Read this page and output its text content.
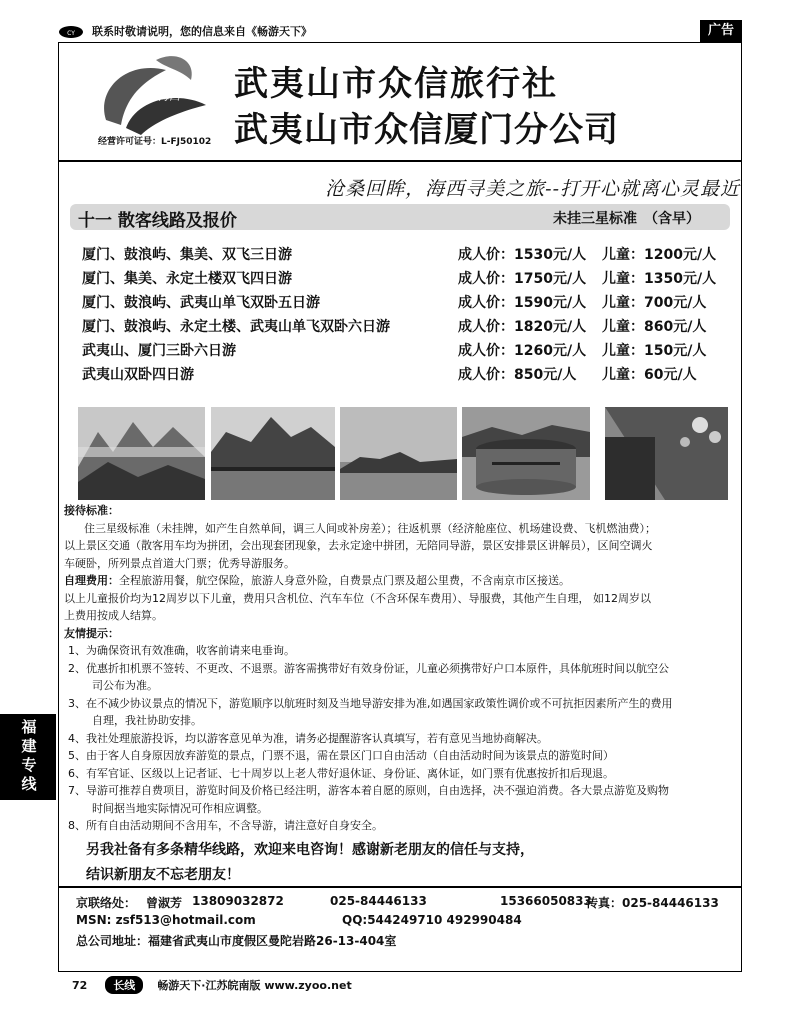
CY 联系时敬请说明，您的信息来自《畅游天下》	广告
印象海西
经营许可证号：L-FJ50102
武夷山市众信旅行社
武夷山市众信厦门分公司
沧桑回眸，海西寻美之旅--打开心就离心灵最近
十一 散客线路及报价	未挂三星标准　（含早）
厦门、鼓浪屿、集美、双飞三日游	成人价：1530元/人 儿童：1200元/人
厦门、集美、永定土楼双飞四日游	成人价：1750元/人 儿童：1350元/人
厦门、鼓浪屿、武夷山单飞双卧五日游	成人价：1590元/人 儿童：700元/人
厦门、鼓浪屿、永定土楼、武夷山单飞双卧六日游	成人价：1820元/人 儿童：860元/人
武夷山、厦门三卧六日游	成人价：1260元/人 儿童：150元/人
武夷山双卧四日游	成人价：850元/人 儿童：60元/人

接待标准：

住三星级标准（未挂牌，如产生自然单间，调三人间或补房差）；往返机票（经济舱座位、机场建设费、飞机燃油费）；

以上景区交通（散客用车均为拼团，会出现套团现象，去永定途中拼团，无陪同导游，景区安排景区讲解员），区间空调火

车硬卧，所列景点首道大门票；优秀导游服务。

自理费用：全程旅游用餐，航空保险，旅游人身意外险，自费景点门票及超公里费，不含南京市区接送。

以上儿童报价均为12周岁以下儿童，费用只含机位、汽车车位（不含环保车费用）、导服费，其他产生自理， 如12周岁以

上费用按成人结算。

友情提示：

1、为确保资讯有效准确，收客前请来电垂询。

2、优惠折扣机票不签转、不更改、不退票。游客需携带好有效身份证，儿童必须携带好户口本原件，具体航班时间以航空公

司公布为准。

3、在不减少协议景点的情况下，游览顺序以航班时刻及当地导游安排为准,如遇国家政策性调价或不可抗拒因素所产生的费用

自理，我社协助安排。

4、我社处理旅游投诉，均以游客意见单为准，请务必提醒游客认真填写，若有意见当地协商解决。

5、由于客人自身原因放弃游览的景点，门票不退，需在景区门口自由活动（自由活动时间为该景点的游览时间）

6、有军官证、区级以上记者证、七十周岁以上老人带好退休证、身份证、离休证，如门票有优惠按折扣后现退。

7、导游可推荐自费项目，游览时间及价格已经注明，游客本着自愿的原则，自由选择，决不强迫消费。各大景点游览及购物

时间据当地实际情况可作相应调整。

8、所有自由活动期间不含用车，不含导游，请注意好自身安全。

另我社备有多条精华线路，欢迎来电咨询！感谢新老朋友的信任与支持，

结识新朋友不忘老朋友！

京联络处： 曾淑芳 13809032872	025-84446133	15366050833
传真：025-84446133
MSN: zsf513@hotmail.com	QQ:544249710 492990484
总公司地址：福建省武夷山市度假区曼陀岩路26-13-404室
72	长线	畅游天下·江苏皖南版 www.zyoo.net
福建专线
